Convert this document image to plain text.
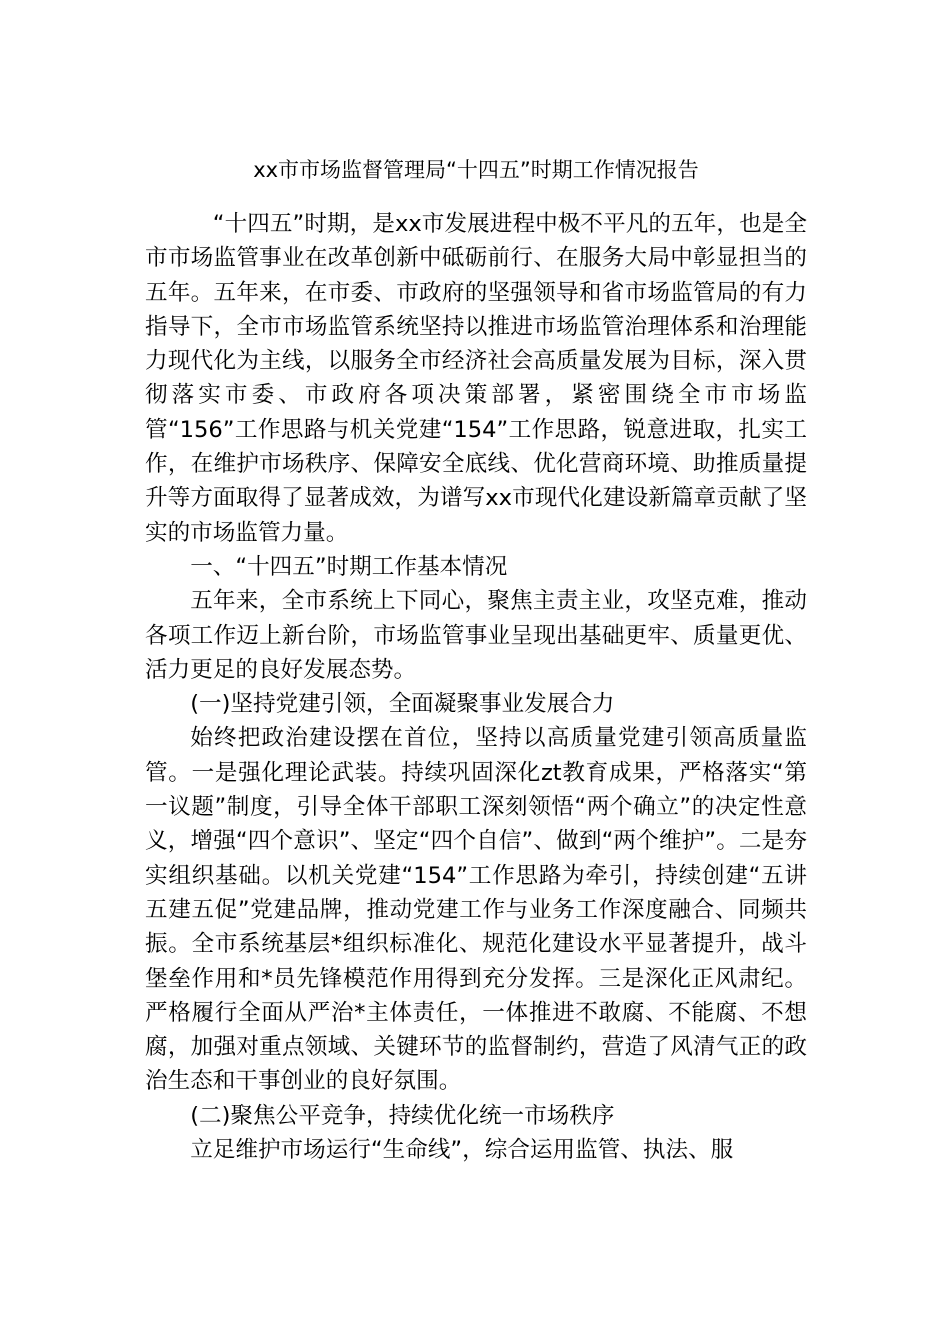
xx市市场监督管理局“十四五”时期工作情况报告

“十四五”时期，是xx市发展进程中极不平凡的五年，也是全市市场监管事业在改革创新中砥砺前行、在服务大局中彰显担当的五年。五年来，在市委、市政府的坚强领导和省市场监管局的有力指导下，全市市场监管系统坚持以推进市场监管治理体系和治理能力现代化为主线，以服务全市经济社会高质量发展为目标，深入贯彻落实市委、市政府各项决策部署，紧密围绕全市市场监管“156”工作思路与机关党建“154”工作思路，锐意进取，扎实工作，在维护市场秩序、保障安全底线、优化营商环境、助推质量提升等方面取得了显著成效，为谱写xx市现代化建设新篇章贡献了坚实的市场监管力量。

一、“十四五”时期工作基本情况

五年来，全市系统上下同心，聚焦主责主业，攻坚克难，推动各项工作迈上新台阶，市场监管事业呈现出基础更牢、质量更优、活力更足的良好发展态势。

(一)坚持党建引领，全面凝聚事业发展合力

始终把政治建设摆在首位，坚持以高质量党建引领高质量监管。一是强化理论武装。持续巩固深化zt教育成果，严格落实“第一议题”制度，引导全体干部职工深刻领悟“两个确立”的决定性意义，增强“四个意识”、坚定“四个自信”、做到“两个维护”。二是夯实组织基础。以机关党建“154”工作思路为牵引，持续创建“五讲五建五促”党建品牌，推动党建工作与业务工作深度融合、同频共振。全市系统基层*组织标准化、规范化建设水平显著提升，战斗堡垒作用和*员先锋模范作用得到充分发挥。三是深化正风肃纪。严格履行全面从严治*主体责任，一体推进不敢腐、不能腐、不想腐，加强对重点领域、关键环节的监督制约，营造了风清气正的政治生态和干事创业的良好氛围。

(二)聚焦公平竞争，持续优化统一市场秩序

立足维护市场运行“生命线”，综合运用监管、执法、服
